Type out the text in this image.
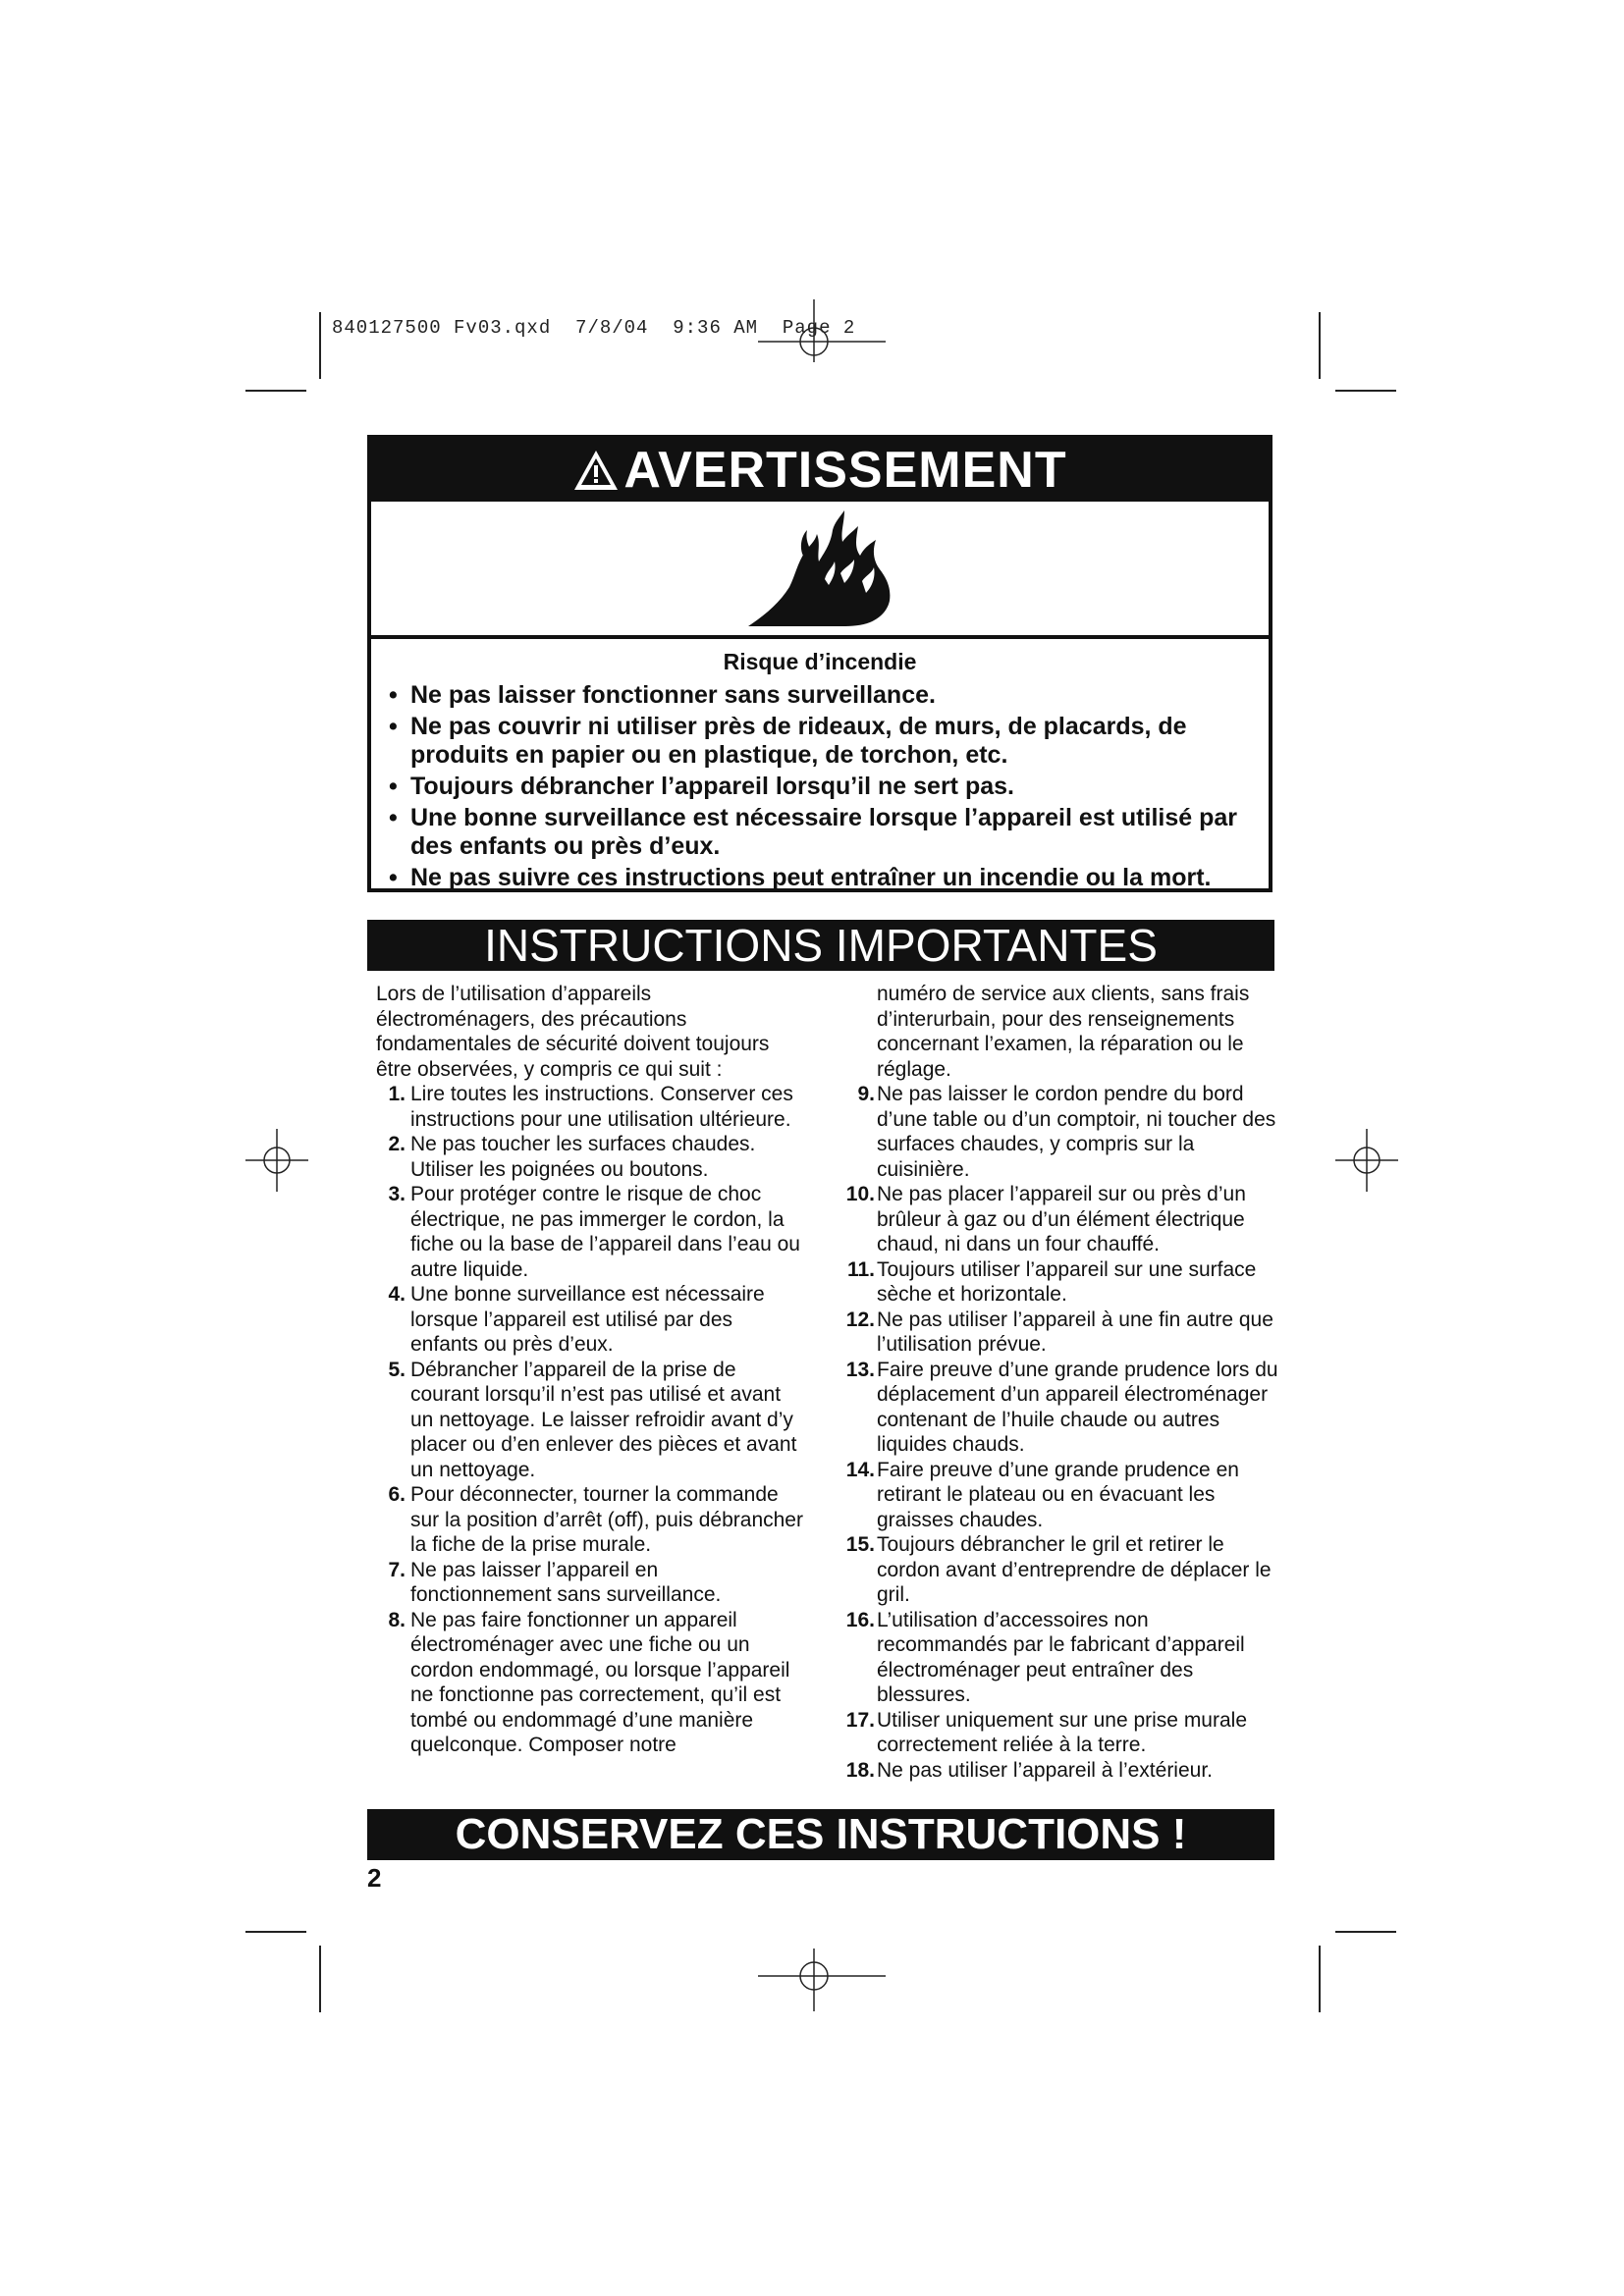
840127500 Fv03.qxd  7/8/04  9:36 AM  Page 2
AVERTISSEMENT
Risque d’incendie
• Ne pas laisser fonctionner sans surveillance.
• Ne pas couvrir ni utiliser près de rideaux, de murs, de placards, de produits en papier ou en plastique, de torchon, etc.
• Toujours débrancher l’appareil lorsqu’il ne sert pas.
• Une bonne surveillance est nécessaire lorsque l’appareil est utilisé par des enfants ou près d’eux.
• Ne pas suivre ces instructions peut entraîner un incendie ou la mort.
INSTRUCTIONS IMPORTANTES

Lors de l’utilisation d’appareils électroménagers, des précautions fondamentales de sécurité doivent toujours être observées, y compris ce qui suit :

1. Lire toutes les instructions. Conserver ces instructions pour une utilisation ultérieure.
2. Ne pas toucher les surfaces chaudes. Utiliser les poignées ou boutons.
3. Pour protéger contre le risque de choc électrique, ne pas immerger le cordon, la fiche ou la base de l’appareil dans l’eau ou autre liquide.
4. Une bonne surveillance est nécessaire lorsque l’appareil est utilisé par des enfants ou près d’eux.
5. Débrancher l’appareil de la prise de courant lorsqu’il n’est pas utilisé et avant un nettoyage. Le laisser refroidir avant d’y placer ou d’en enlever des pièces et avant un nettoyage.
6. Pour déconnecter, tourner la commande sur la position d’arrêt (off), puis débrancher la fiche de la prise murale.
7. Ne pas laisser l’appareil en fonctionnement sans surveillance.
8. Ne pas faire fonctionner un appareil électroménager avec une fiche ou un cordon endommagé, ou lorsque l’appareil ne fonctionne pas correctement, qu’il est tombé ou endommagé d’une manière quelconque. Composer notre
numéro de service aux clients, sans frais d’interurbain, pour des renseignements concernant l’examen, la réparation ou le réglage.
9. Ne pas laisser le cordon pendre du bord d’une table ou d’un comptoir, ni toucher des surfaces chaudes, y compris sur la cuisinière.
10. Ne pas placer l’appareil sur ou près d’un brûleur à gaz ou d’un élément électrique chaud, ni dans un four chauffé.
11. Toujours utiliser l’appareil sur une surface sèche et horizontale.
12. Ne pas utiliser l’appareil à une fin autre que l’utilisation prévue.
13. Faire preuve d’une grande prudence lors du déplacement d’un appareil électroménager contenant de l’huile chaude ou autres liquides chauds.
14. Faire preuve d’une grande prudence en retirant le plateau ou en évacuant les graisses chaudes.
15. Toujours débrancher le gril et retirer le cordon avant d’entreprendre de déplacer le gril.
16. L’utilisation d’accessoires non recommandés par le fabricant d’appareil électroménager peut entraîner des blessures.
17. Utiliser uniquement sur une prise murale correctement reliée à la terre.
18. Ne pas utiliser l’appareil à l’extérieur.
CONSERVEZ CES INSTRUCTIONS !
2
